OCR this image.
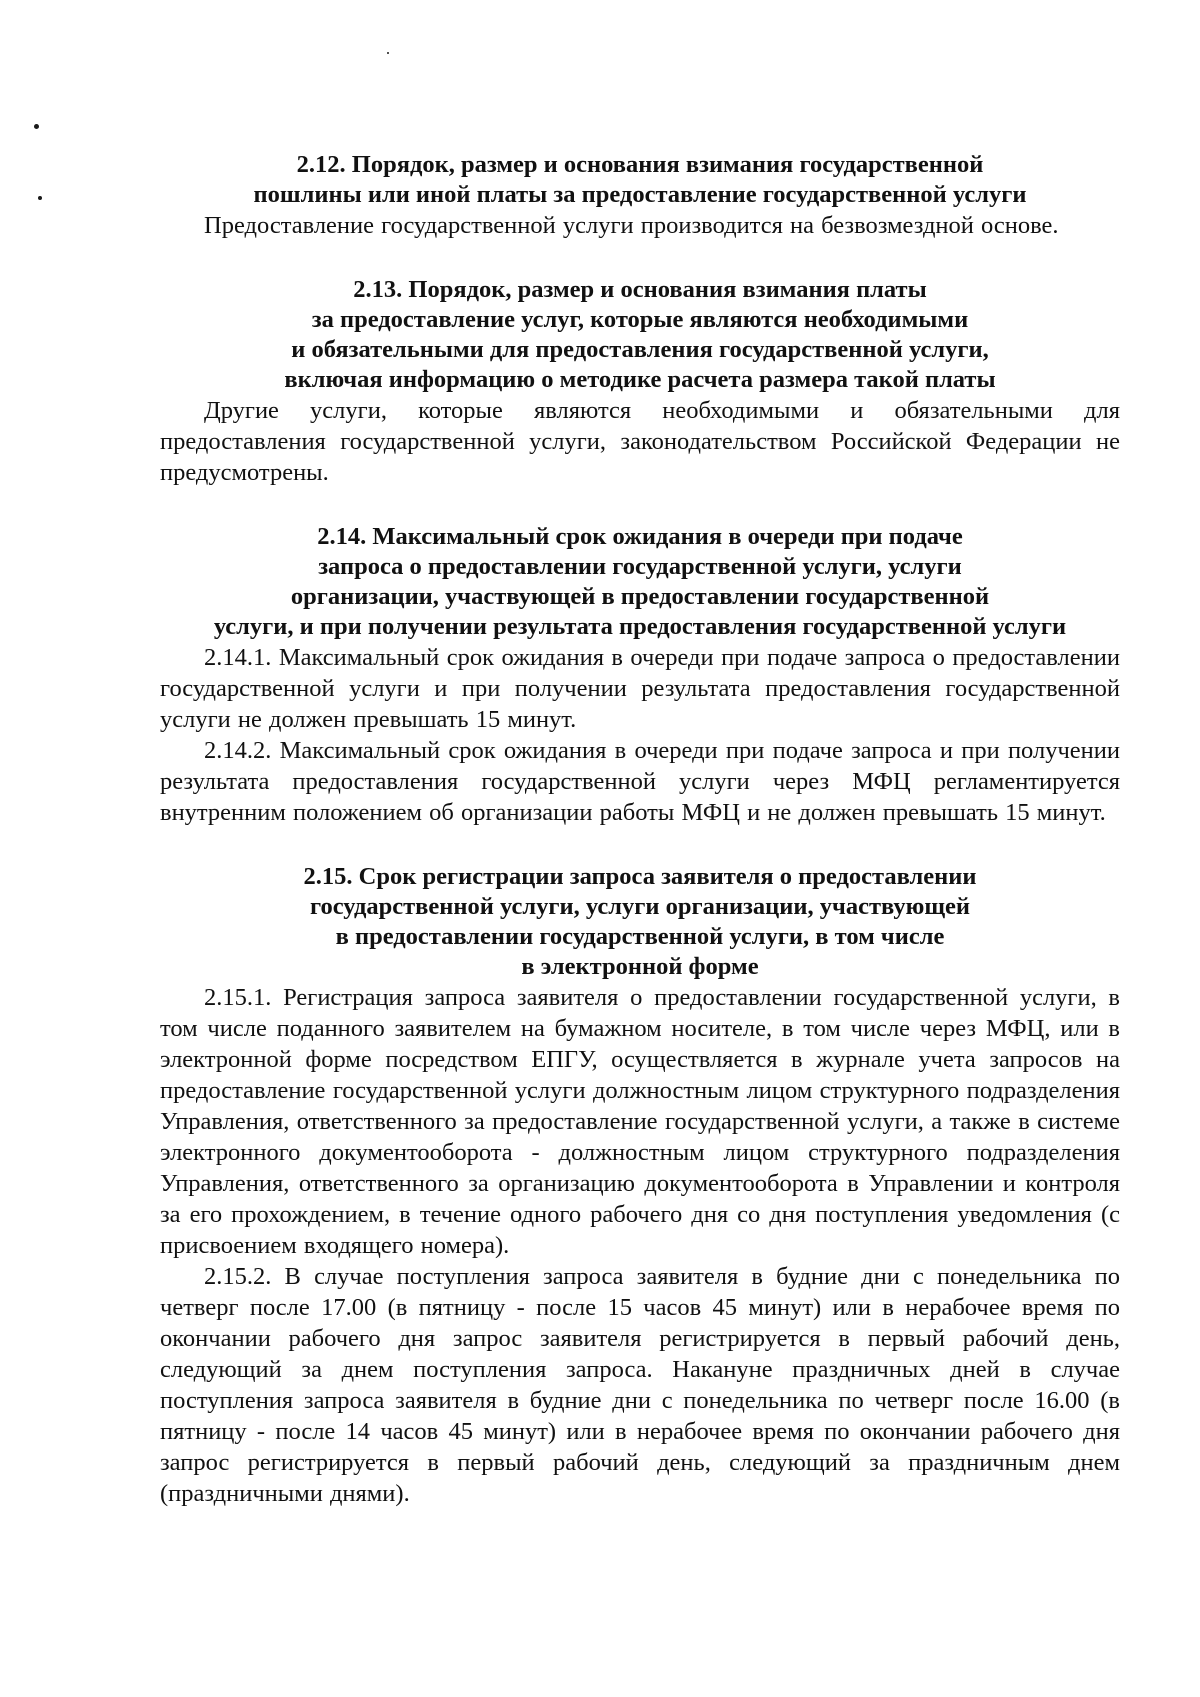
2.12. Порядок, размер и основания взимания государственной
пошлины или иной платы за предоставление государственной услуги

Предоставление государственной услуги производится на безвозмездной основе.

2.13. Порядок, размер и основания взимания платы
за предоставление услуг, которые являются необходимыми
и обязательными для предоставления государственной услуги,
включая информацию о методике расчета размера такой платы

Другие услуги, которые являются необходимыми и обязательными для предоставления государственной услуги, законодательством Российской Федерации не предусмотрены.

2.14. Максимальный срок ожидания в очереди при подаче
запроса о предоставлении государственной услуги, услуги
организации, участвующей в предоставлении государственной
услуги, и при получении результата предоставления государственной услуги

2.14.1. Максимальный срок ожидания в очереди при подаче запроса о предоставлении государственной услуги и при получении результата предоставления государственной услуги не должен превышать 15 минут.

2.14.2. Максимальный срок ожидания в очереди при подаче запроса и при получении результата предоставления государственной услуги через МФЦ регламентируется внутренним положением об организации работы МФЦ и не должен превышать 15 минут.

2.15. Срок регистрации запроса заявителя о предоставлении
государственной услуги, услуги организации, участвующей
в предоставлении государственной услуги, в том числе
в электронной форме

2.15.1. Регистрация запроса заявителя о предоставлении государственной услуги, в том числе поданного заявителем на бумажном носителе, в том числе через МФЦ, или в электронной форме посредством ЕПГУ, осуществляется в журнале учета запросов на предоставление государственной услуги должностным лицом структурного подразделения Управления, ответственного за предоставление государственной услуги, а также в системе электронного документооборота - должностным лицом структурного подразделения Управления, ответственного за организацию документооборота в Управлении и контроля за его прохождением, в течение одного рабочего дня со дня поступления уведомления (с присвоением входящего номера).

2.15.2. В случае поступления запроса заявителя в будние дни с понедельника по четверг после 17.00 (в пятницу - после 15 часов 45 минут) или в нерабочее время по окончании рабочего дня запрос заявителя регистрируется в первый рабочий день, следующий за днем поступления запроса. Накануне праздничных дней в случае поступления запроса заявителя в будние дни с понедельника по четверг после 16.00 (в пятницу - после 14 часов 45 минут) или в нерабочее время по окончании рабочего дня запрос регистрируется в первый рабочий день, следующий за праздничным днем (праздничными днями).
